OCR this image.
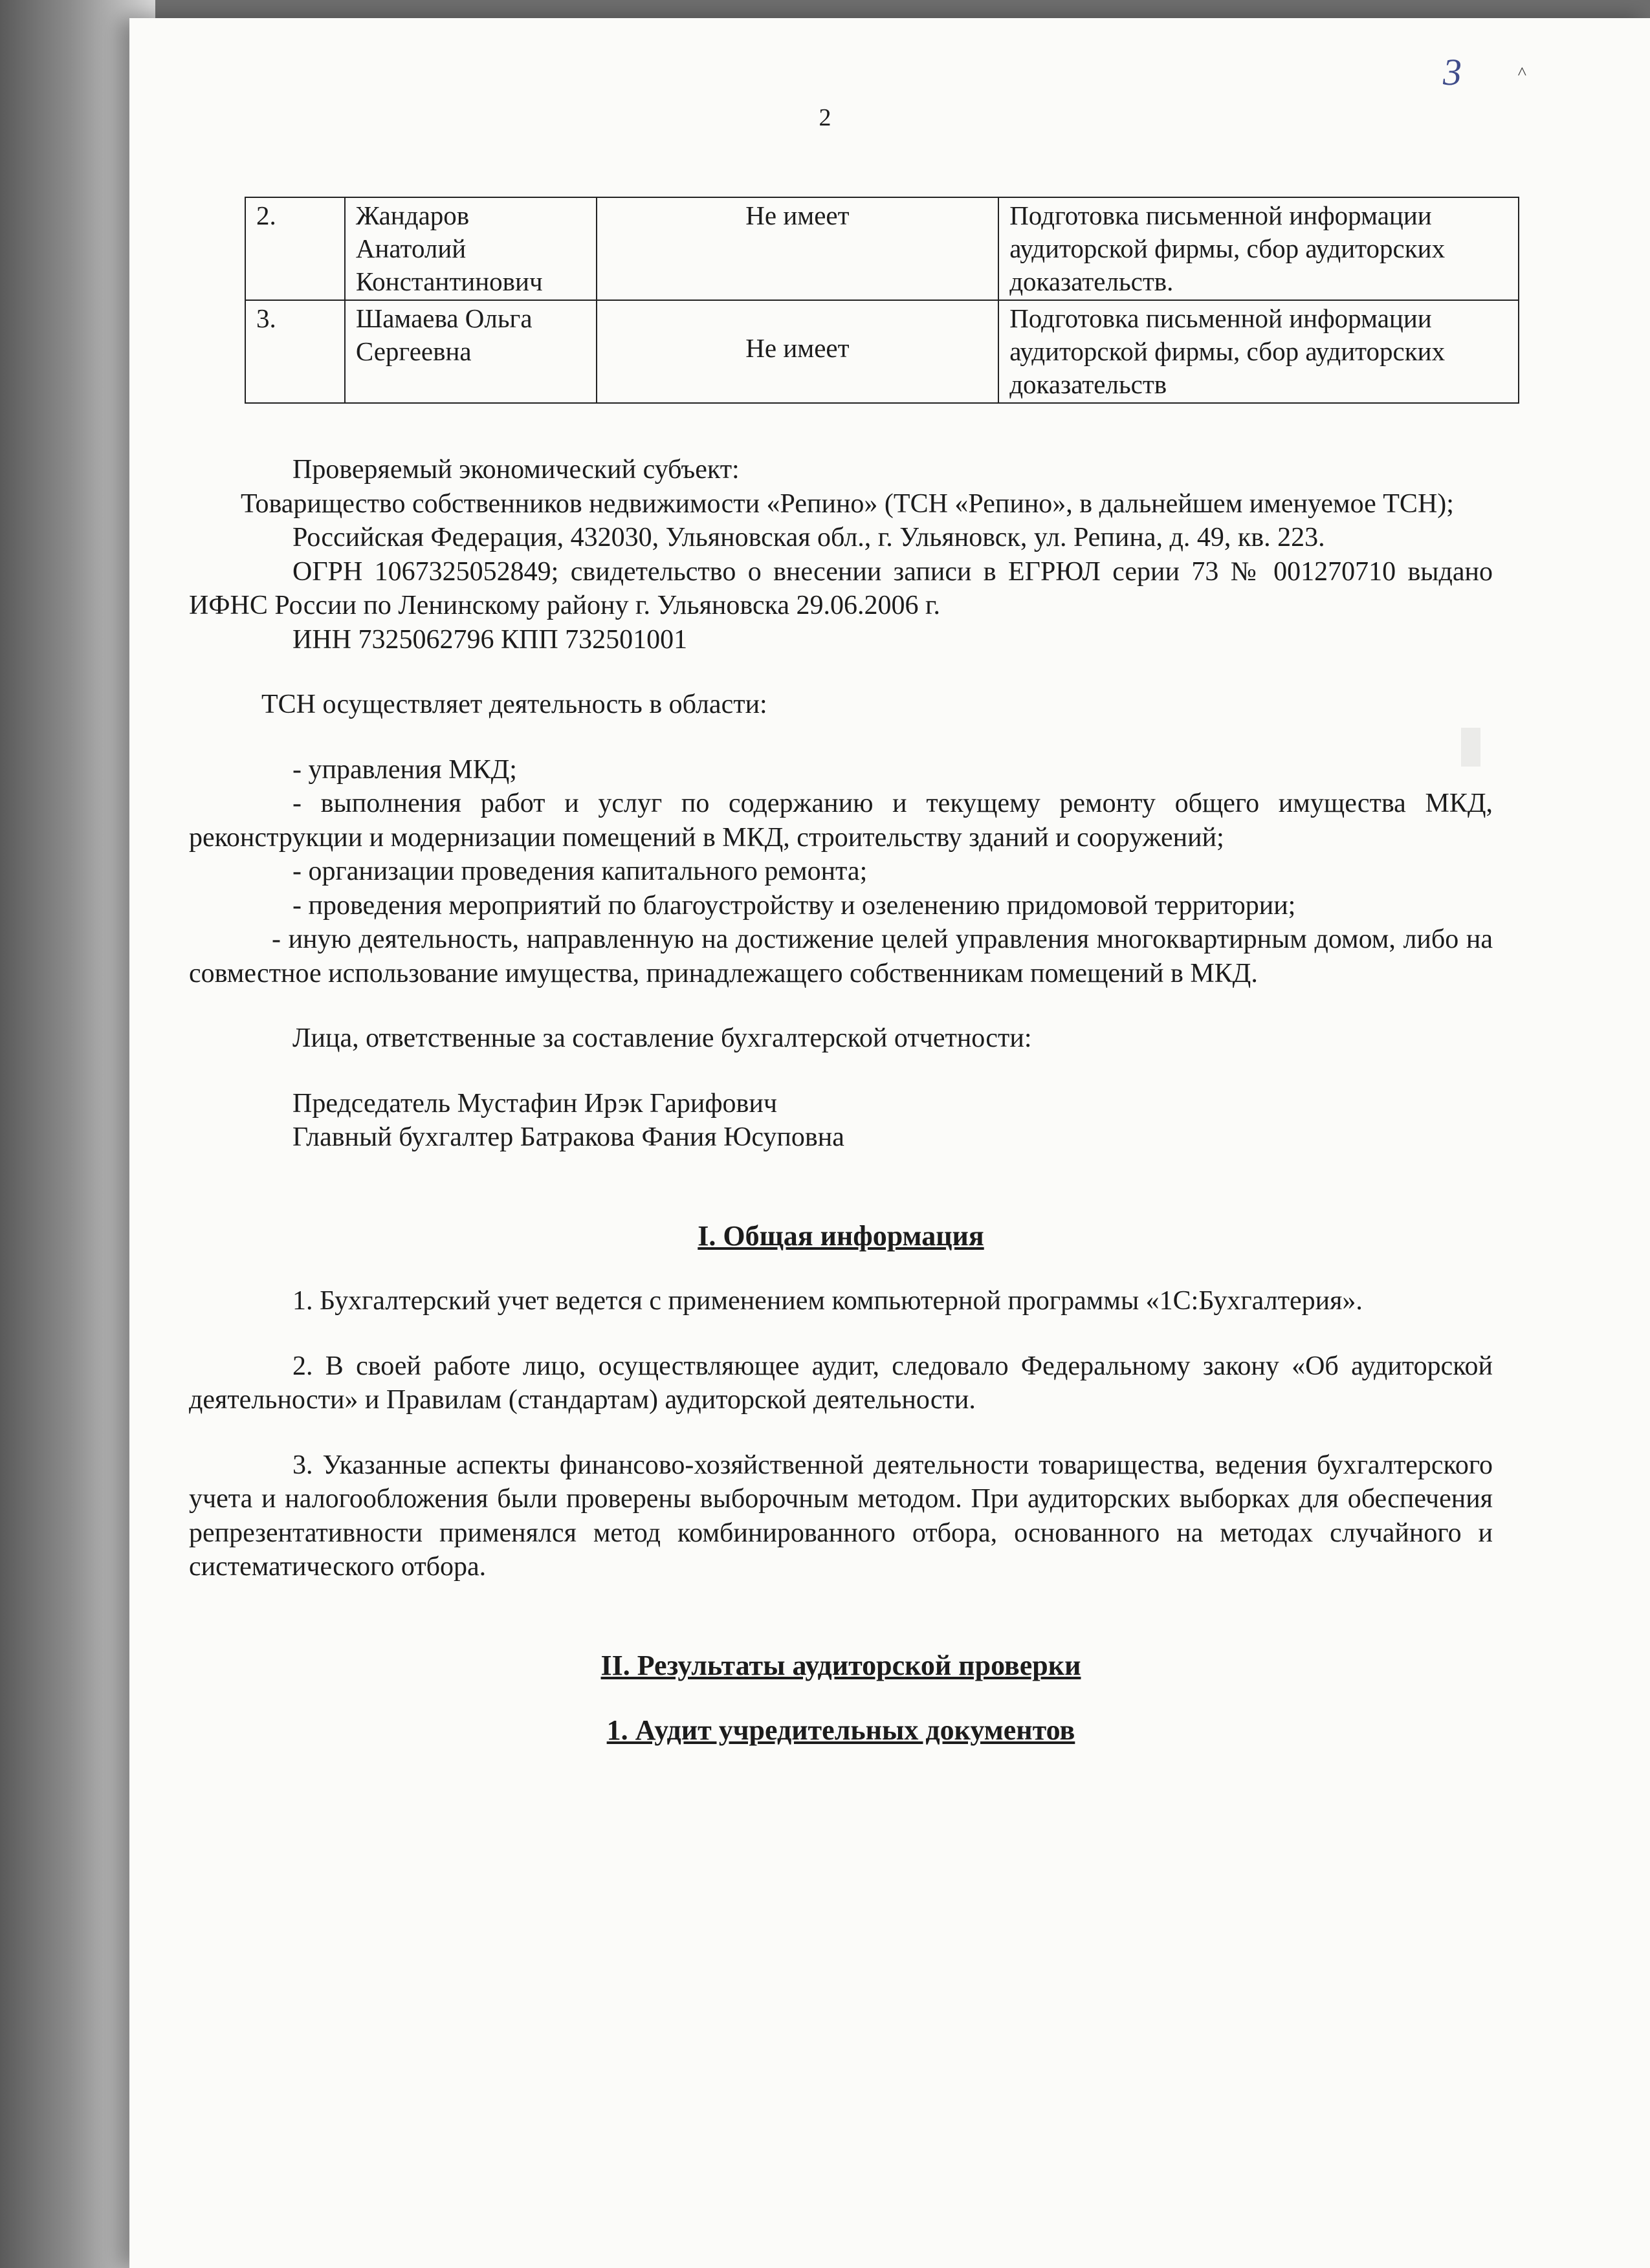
3	˄
2
2.	Жандаров Анатолий Константинович	Не имеет	Подготовка письменной информации аудиторской фирмы, сбор аудиторских доказательств.
3.	Шамаева Ольга Сергеевна	Не имеет	Подготовка письменной информации аудиторской фирмы, сбор аудиторских доказательств

Проверяемый экономический субъект:

Товарищество собственников недвижимости «Репино» (ТСН «Репино», в дальнейшем именуемое ТСН);

Российская Федерация, 432030, Ульяновская обл., г. Ульяновск, ул. Репина, д. 49, кв. 223.

ОГРН 1067325052849; свидетельство о внесении записи в ЕГРЮЛ серии 73 № 001270710 выдано ИФНС России по Ленинскому району г. Ульяновска 29.06.2006 г.

ИНН 7325062796 КПП 732501001

ТСН осуществляет деятельность в области:

- управления МКД;

- выполнения работ и услуг по содержанию и текущему ремонту общего имущества МКД, реконструкции и модернизации помещений в МКД, строительству зданий и сооружений;

- организации проведения капитального ремонта;

- проведения мероприятий по благоустройству и озеленению придомовой территории;

- иную деятельность, направленную на достижение целей управления многоквартирным домом, либо на совместное использование имущества, принадлежащего собственникам помещений в МКД.

Лица, ответственные за составление бухгалтерской отчетности:

Председатель Мустафин Ирэк Гарифович

Главный бухгалтер Батракова Фания Юсуповна

I. Общая информация

1. Бухгалтерский учет ведется с применением компьютерной программы «1С:Бухгалтерия».

2. В своей работе лицо, осуществляющее аудит, следовало Федеральному закону «Об аудиторской деятельности» и Правилам (стандартам) аудиторской деятельности.

3. Указанные аспекты финансово-хозяйственной деятельности товарищества, ведения бухгалтерского учета и налогообложения были проверены выборочным методом. При аудиторских выборках для обеспечения репрезентативности применялся метод комбинированного отбора, основанного на методах случайного и систематического отбора.

II. Результаты аудиторской проверки

1. Аудит учредительных документов
